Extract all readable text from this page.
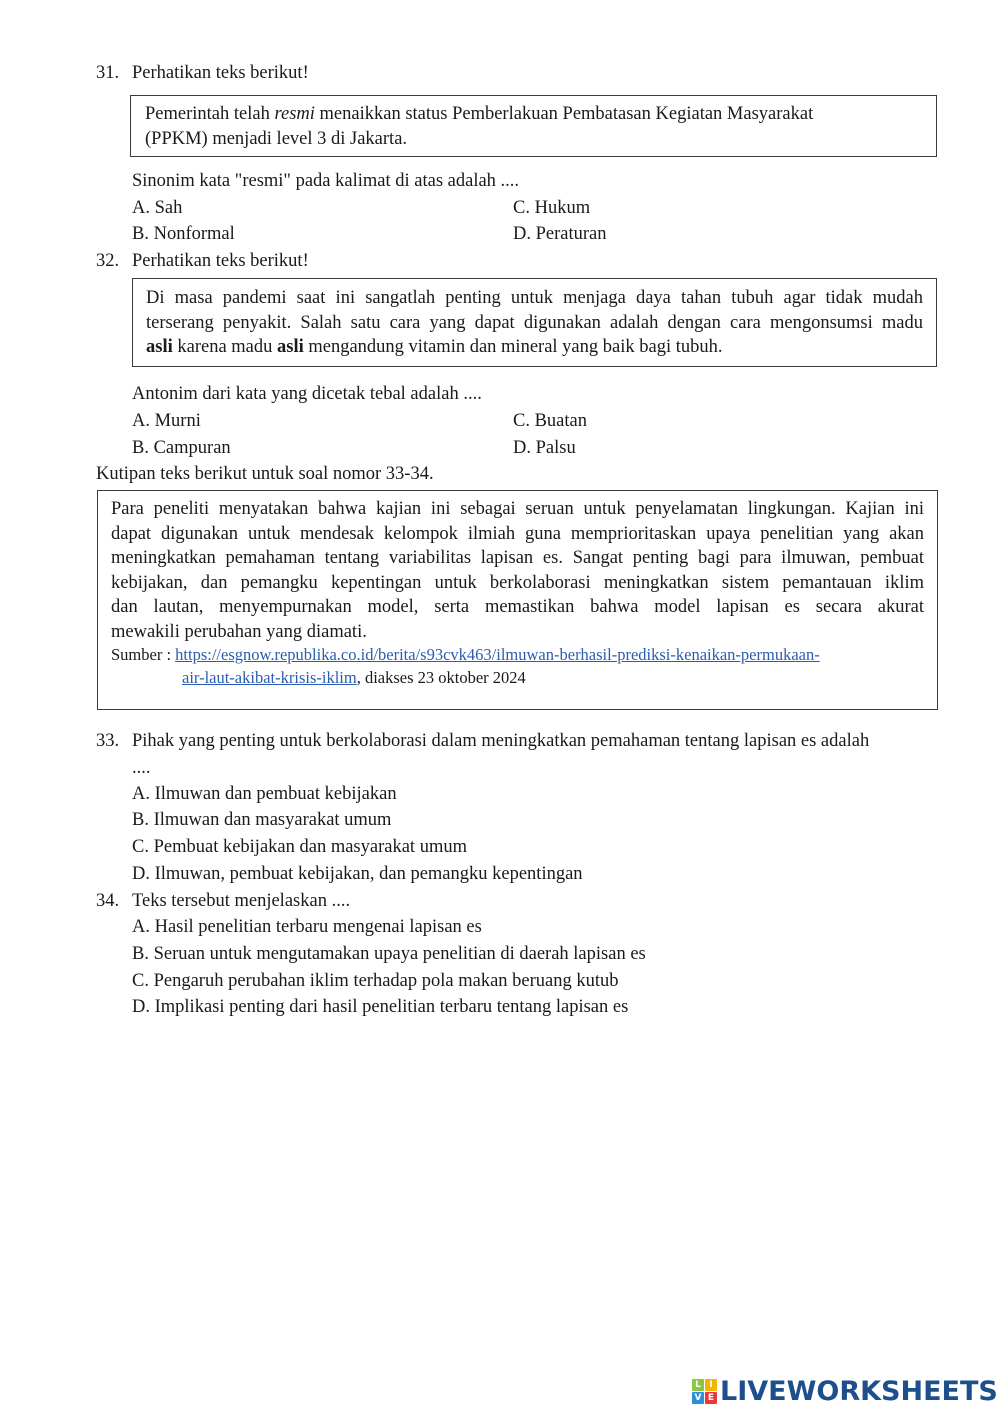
31. Perhatikan teks berikut!

Pemerintah telah resmi menaikkan status Pemberlakuan Pembatasan Kegiatan Masyarakat

(PPKM) menjadi level 3 di Jakarta.

Sinonim kata "resmi" pada kalimat di atas adalah ....
A. Sah
B. Nonformal
C. Hukum
D. Peraturan
32. Perhatikan teks berikut!

Di masa pandemi saat ini sangatlah penting untuk menjaga daya tahan tubuh agar tidak mudah

terserang penyakit. Salah satu cara yang dapat digunakan adalah dengan cara mengonsumsi madu

asli karena madu asli mengandung vitamin dan mineral yang baik bagi tubuh.

Antonim dari kata yang dicetak tebal adalah ....
A. Murni
B. Campuran
C. Buatan
D. Palsu
Kutipan teks berikut untuk soal nomor 33-34.

Para peneliti menyatakan bahwa kajian ini sebagai seruan untuk penyelamatan lingkungan. Kajian ini

dapat digunakan untuk mendesak kelompok ilmiah guna memprioritaskan upaya penelitian yang akan

meningkatkan pemahaman tentang variabilitas lapisan es. Sangat penting bagi para ilmuwan, pembuat

kebijakan, dan pemangku kepentingan untuk berkolaborasi meningkatkan sistem pemantauan iklim

dan lautan, menyempurnakan model, serta memastikan bahwa model lapisan es secara akurat

mewakili perubahan yang diamati.

Sumber : https://esgnow.republika.co.id/berita/s93cvk463/ilmuwan-berhasil-prediksi-kenaikan-permukaan-
air-laut-akibat-krisis-iklim, diakses 23 oktober 2024
33. Pihak yang penting untuk berkolaborasi dalam meningkatkan pemahaman tentang lapisan es adalah
....
A. Ilmuwan dan pembuat kebijakan
B. Ilmuwan dan masyarakat umum
C. Pembuat kebijakan dan masyarakat umum
D. Ilmuwan, pembuat kebijakan, dan pemangku kepentingan
34. Teks tersebut menjelaskan ....
A. Hasil penelitian terbaru mengenai lapisan es
B. Seruan untuk mengutamakan upaya penelitian di daerah lapisan es
C. Pengaruh perubahan iklim terhadap pola makan beruang kutub
D. Implikasi penting dari hasil penelitian terbaru tentang lapisan es
L I
V E LIVEWORKSHEETS
